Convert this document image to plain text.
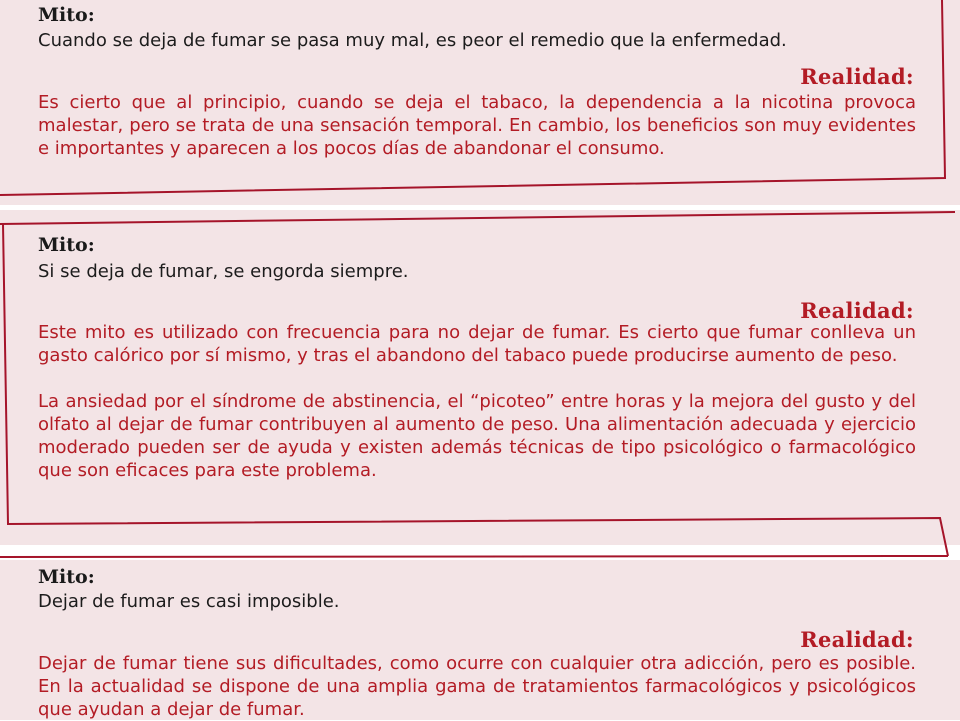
Mito:

Cuando se deja de fumar se pasa muy mal, es peor el remedio que la enfermedad.

Realidad:

Es cierto que al principio, cuando se deja el tabaco, la dependencia a la nicotina provoca malestar, pero se trata de una sensación temporal. En cambio, los beneficios son muy evidentes e importantes y aparecen a los pocos días de abandonar el consumo.

Mito:

Si se deja de fumar, se engorda siempre.

Realidad:

Este mito es utilizado con frecuencia para no dejar de fumar. Es cierto que fumar conlleva un gasto calórico por sí mismo, y tras el abandono del tabaco puede producirse aumento de peso.

La ansiedad por el síndrome de abstinencia, el “picoteo” entre horas y la mejora del gusto y del olfato al dejar de fumar contribuyen al aumento de peso. Una alimentación adecuada y ejercicio moderado pueden ser de ayuda y existen además técnicas de tipo psicológico o farmacológico que son eficaces para este problema.

Mito:

Dejar de fumar es casi imposible.

Realidad:

Dejar de fumar tiene sus dificultades, como ocurre con cualquier otra adicción, pero es posible. En la actualidad se dispone de una amplia gama de tratamientos farmacológicos y psicológicos que ayudan a dejar de fumar.
